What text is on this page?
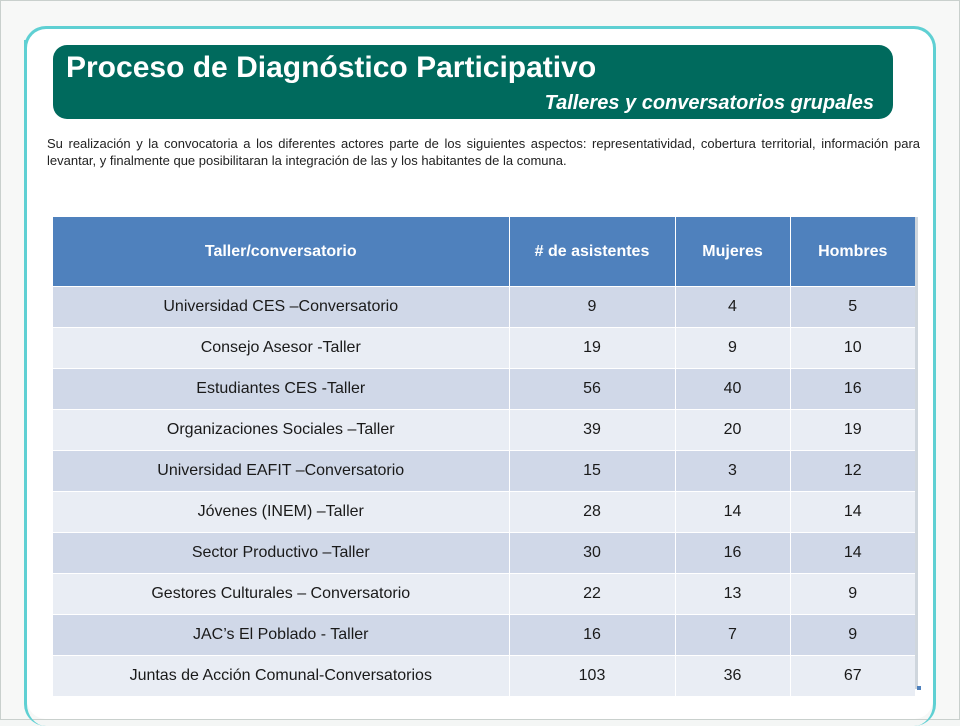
Proceso de Diagnóstico Participativo
Talleres y conversatorios grupales
Su realización y la convocatoria a los diferentes actores parte de los siguientes aspectos: representatividad, cobertura territorial, información para levantar, y finalmente que posibilitaran la integración de las y los habitantes de la comuna.
Taller/conversatorio	# de asistentes	Mujeres	Hombres
Universidad CES –Conversatorio	9	4	5
Consejo Asesor -Taller	19	9	10
Estudiantes CES -Taller	56	40	16
Organizaciones Sociales –Taller	39	20	19
Universidad EAFIT –Conversatorio	15	3	12
Jóvenes (INEM) –Taller	28	14	14
Sector Productivo –Taller	30	16	14
Gestores Culturales – Conversatorio	22	13	9
JAC’s El Poblado - Taller	16	7	9
Juntas de Acción Comunal-Conversatorios	103	36	67
